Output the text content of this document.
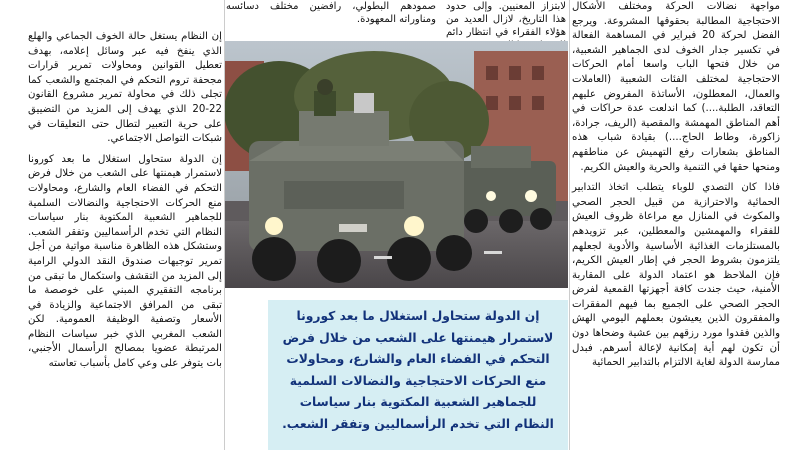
مواجهة نضالات الحركة ومختلف الأشكال الاحتجاجية المطالبة بحقوقها المشروعة. ويرجع الفضل لحركة 20 فبراير في المساهمة الفعالة في تكسير جدار الخوف لدى الجماهير الشعبية، من خلال فتحها الباب واسعا أمام الحركات الاحتجاجية لمختلف الفئات الشعبية (العاملات والعمال، المعطلون، الأساتذة المفروض عليهم التعاقد، الطلبة....) كما اندلعت عدة حراكات في أهم المناطق المهمشة والمقصية (الريف، جرادة، زاكورة، وطاط الحاج....) بقيادة شباب هذه المناطق بشعارات رفع التهميش عن مناطقهم ومنحها حقها في التنمية والحرية والعيش الكريم.

فاذا كان التصدي للوباء يتطلب اتخاذ التدابير الحمائية والاحترازية من قبيل الحجر الصحي والمكوث في المنازل مع مراعاة ظروف العيش للفقراء والمهمشين والمعطلين، عبر تزويدهم بالمستلزمات الغذائية الأساسية والأدوية لجعلهم يلتزمون بشروط الحجر في إطار العيش الكريم، فإن الملاحظ هو اعتماد الدولة على المقاربة الأمنية، حيث جندت كافة أجهزتها القمعية لفرض الحجر الصحي على الجميع بما فيهم المفقرات والمفقرون الذين يعيشون بعملهم اليومي الهش والذين فقدوا مورد رزقهم بين عشية وضحاها دون أن تكون لهم أية إمكانية لإعالة أسرهم. فبدل ممارسة الدولة لغاية الالتزام بالتدابير الحمائية

لابتزاز المعنيين. وإلى حدود هذا التاريخ، لازال العديد من هؤلاء الفقراء في انتظار دائم

صمودهم البطولي، رافضين مختلف دسائسه ومناوراته المعهودة.

إن الدولة ستحاول استغلال ما بعد كورونا لاستمرار هيمنتها على الشعب من خلال فرض التحكم في الفضاء العام والشارع، ومحاولات منع الحركات الاحتجاجية والنضالات السلمية للجماهير الشعبية المكتوية بنار سياسات النظام التي تخدم الرأسماليين وتفقر الشعب.

إن النظام يستغل حالة الخوف الجماعي والهلع الذي ينفخ فيه عبر وسائل إعلامه، بهدف تعطيل القوانين ومحاولات تمرير قرارات مجحفة تروم التحكم في المجتمع والشعب كما تجلى ذلك في محاولة تمرير مشروع القانون 22-20 الذي يهدف إلى المزيد من التضييق على حرية التعبير لتطال حتى التعليقات في شبكات التواصل الاجتماعي.

إن الدولة ستحاول استغلال ما بعد كورونا لاستمرار هيمنتها على الشعب من خلال فرض التحكم في الفضاء العام والشارع، ومحاولات منع الحركات الاحتجاجية والنضالات السلمية للجماهير الشعبية المكتوية بنار سياسات النظام التي تخدم الرأسماليين وتفقر الشعب. وستشكل هذه الظاهرة مناسبة مواتية من أجل تمرير توجيهات صندوق النقد الدولي الرامية إلى المزيد من التقشف واستكمال ما تبقى من برنامجه التفقيري المبني على خوصصة ما تبقى من المرافق الاجتماعية والزيادة في الأسعار وتصفية الوظيفة العمومية. لكن الشعب المغربي الذي خبر سياسات النظام المرتبطة عضويا بمصالح الرأسمال الأجنبي، بات يتوفر على وعي كامل بأسباب تعاسته
